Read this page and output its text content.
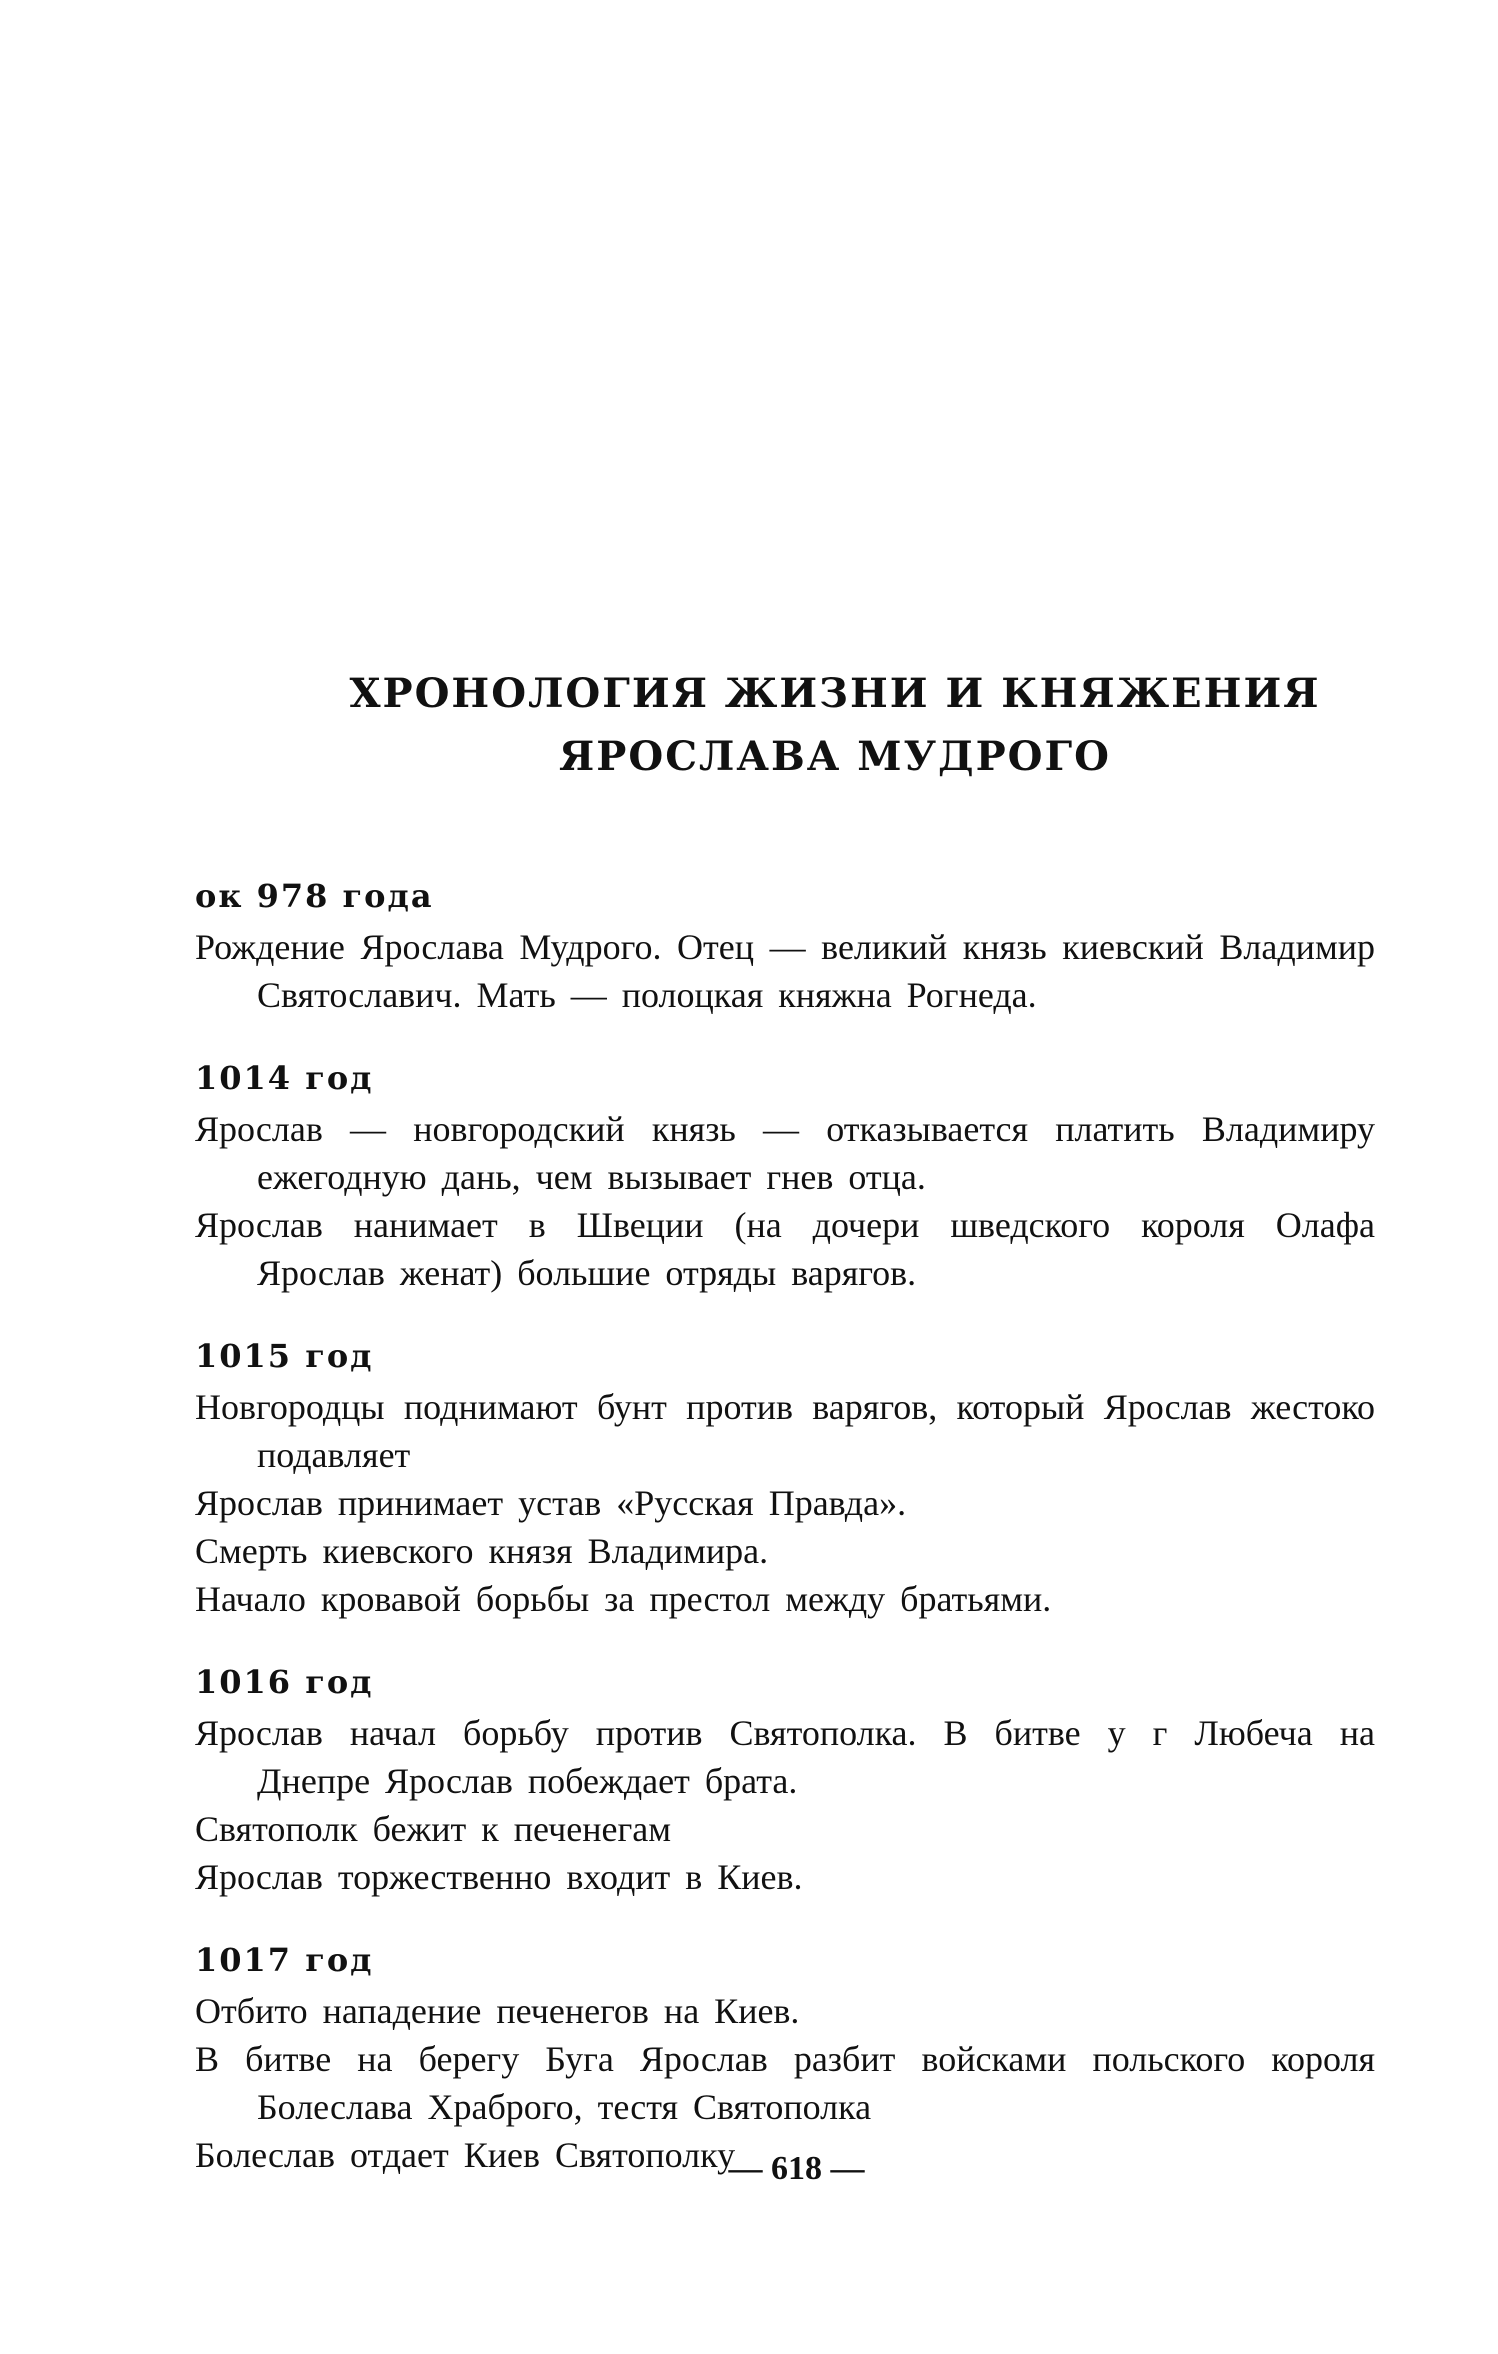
ХРОНОЛОГИЯ ЖИЗНИ И КНЯЖЕНИЯ
ЯРОСЛАВА МУДРОГО

ок 978 года

Рождение Ярослава Мудрого. Отец — великий князь киевский Владимир Святославич. Мать — полоцкая княжна Рогнеда.

1014 год

Ярослав — новгородский князь — отказывается платить Владимиру ежегодную дань, чем вызывает гнев отца.

Ярослав нанимает в Швеции (на дочери шведского короля Олафа Ярослав женат) большие отряды варягов.

1015 год

Новгородцы поднимают бунт против варягов, который Ярослав жестоко подавляет

Ярослав принимает устав «Русская Правда».

Смерть киевского князя Владимира.

Начало кровавой борьбы за престол между братьями.

1016 год

Ярослав начал борьбу против Святополка. В битве у г Любеча на Днепре Ярослав побеждает брата.

Святополк бежит к печенегам

Ярослав торжественно входит в Киев.

1017 год

Отбито нападение печенегов на Киев.

В битве на берегу Буга Ярослав разбит войсками польского короля Болеслава Храброго, тестя Святополка

Болеслав отдает Киев Святополку

— 618 —
